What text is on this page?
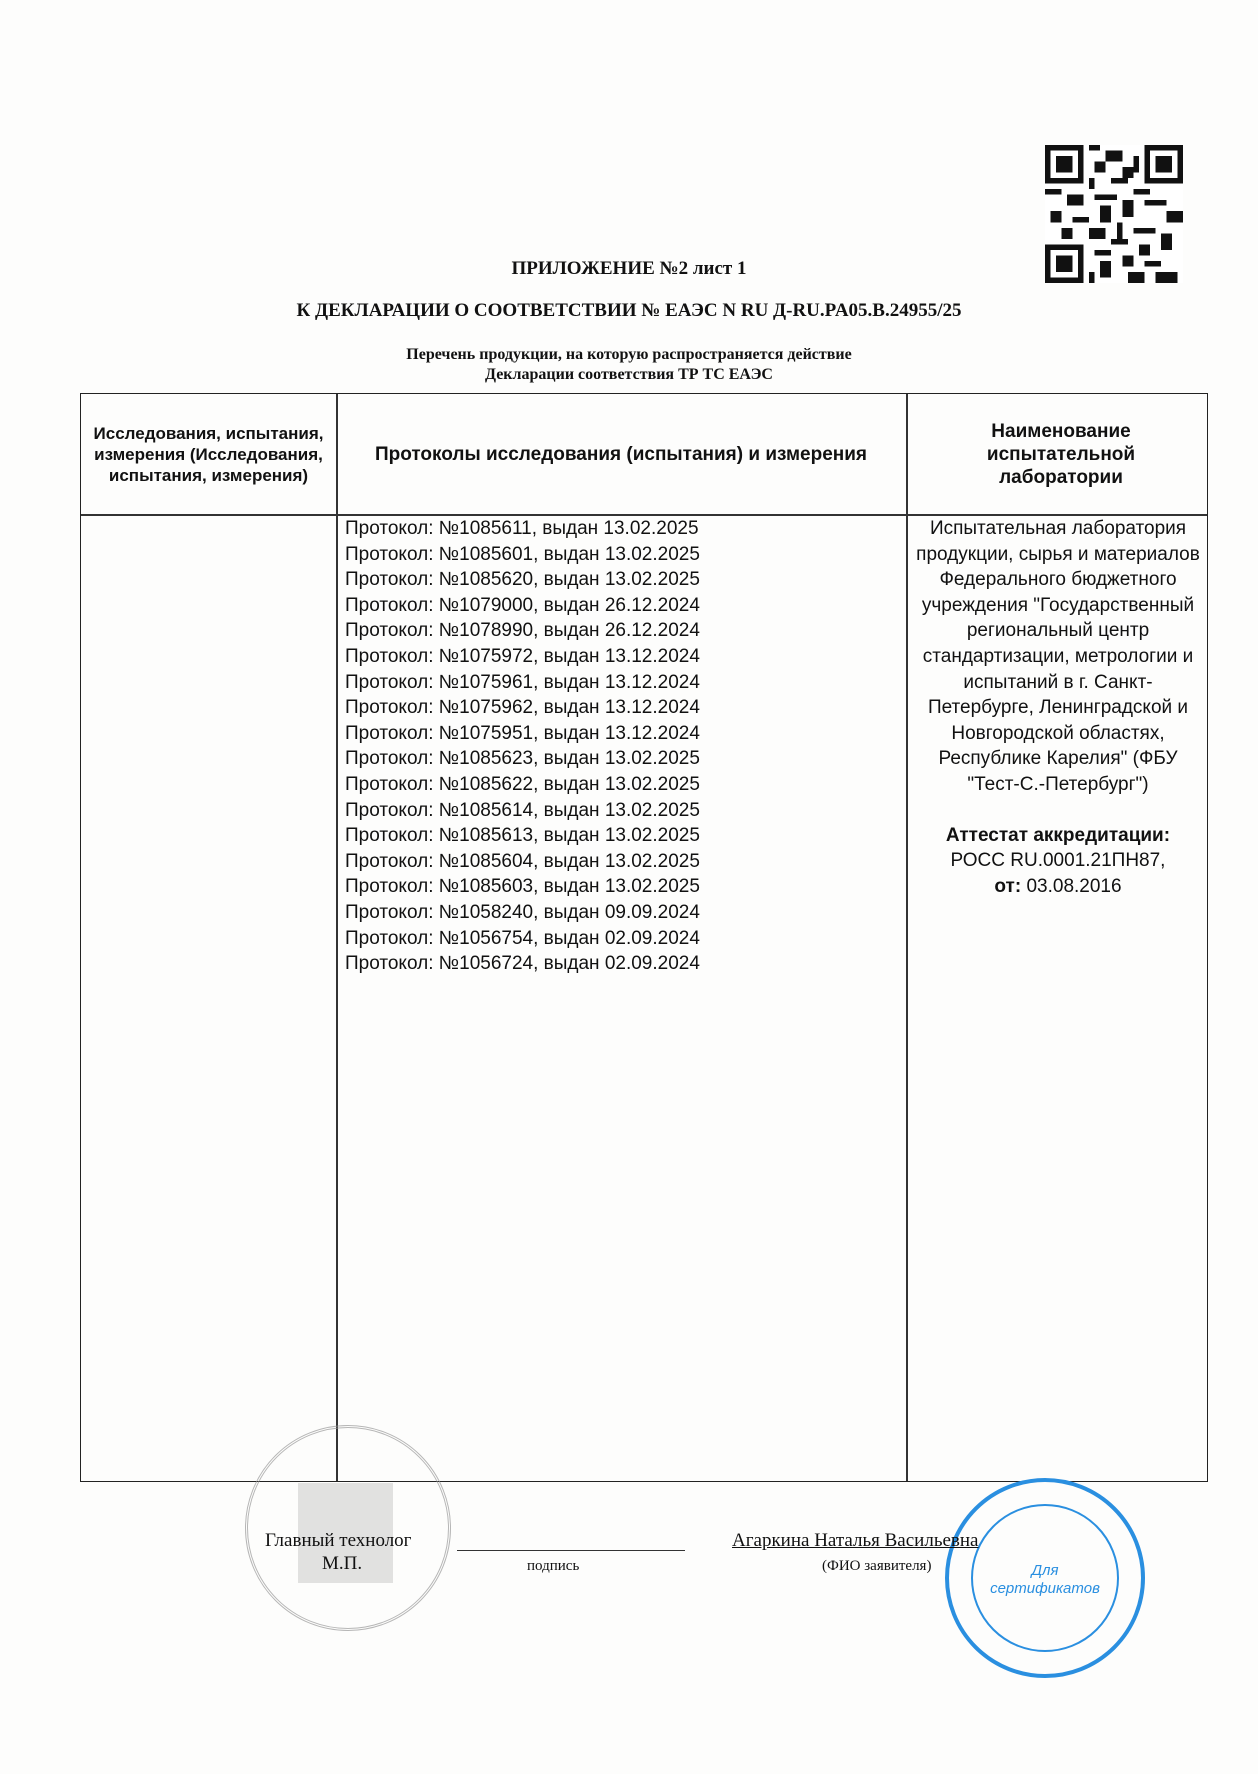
ПРИЛОЖЕНИЕ №2 лист 1
К ДЕКЛАРАЦИИ О СООТВЕТСТВИИ № ЕАЭС N RU Д-RU.PA05.B.24955/25
Перечень продукции, на которую распространяется действие
Декларации соответствия ТР ТС ЕАЭС
Исследования, испытания, измерения (Исследования, испытания, измерения)
Протоколы исследования (испытания) и измерения
Наименование испытательной лаборатории
Протокол: №1085611, выдан 13.02.2025
Протокол: №1085601, выдан 13.02.2025
Протокол: №1085620, выдан 13.02.2025
Протокол: №1079000, выдан 26.12.2024
Протокол: №1078990, выдан 26.12.2024
Протокол: №1075972, выдан 13.12.2024
Протокол: №1075961, выдан 13.12.2024
Протокол: №1075962, выдан 13.12.2024
Протокол: №1075951, выдан 13.12.2024
Протокол: №1085623, выдан 13.02.2025
Протокол: №1085622, выдан 13.02.2025
Протокол: №1085614, выдан 13.02.2025
Протокол: №1085613, выдан 13.02.2025
Протокол: №1085604, выдан 13.02.2025
Протокол: №1085603, выдан 13.02.2025
Протокол: №1058240, выдан 09.09.2024
Протокол: №1056754, выдан 02.09.2024
Протокол: №1056724, выдан 02.09.2024
Испытательная лаборатория продукции, сырья и материалов Федерального бюджетного учреждения "Государственный региональный центр стандартизации, метрологии и испытаний в г. Санкт-Петербурге, Ленинградской и Новгородской областях, Республике Карелия" (ФБУ "Тест-С.-Петербург")
Аттестат аккредитации:
РОСС RU.0001.21ПН87,
от: 03.08.2016
Для
сертификатов
Главный технолог
М.П.	подпись
Агаркина Наталья Васильевна
(ФИО заявителя)
